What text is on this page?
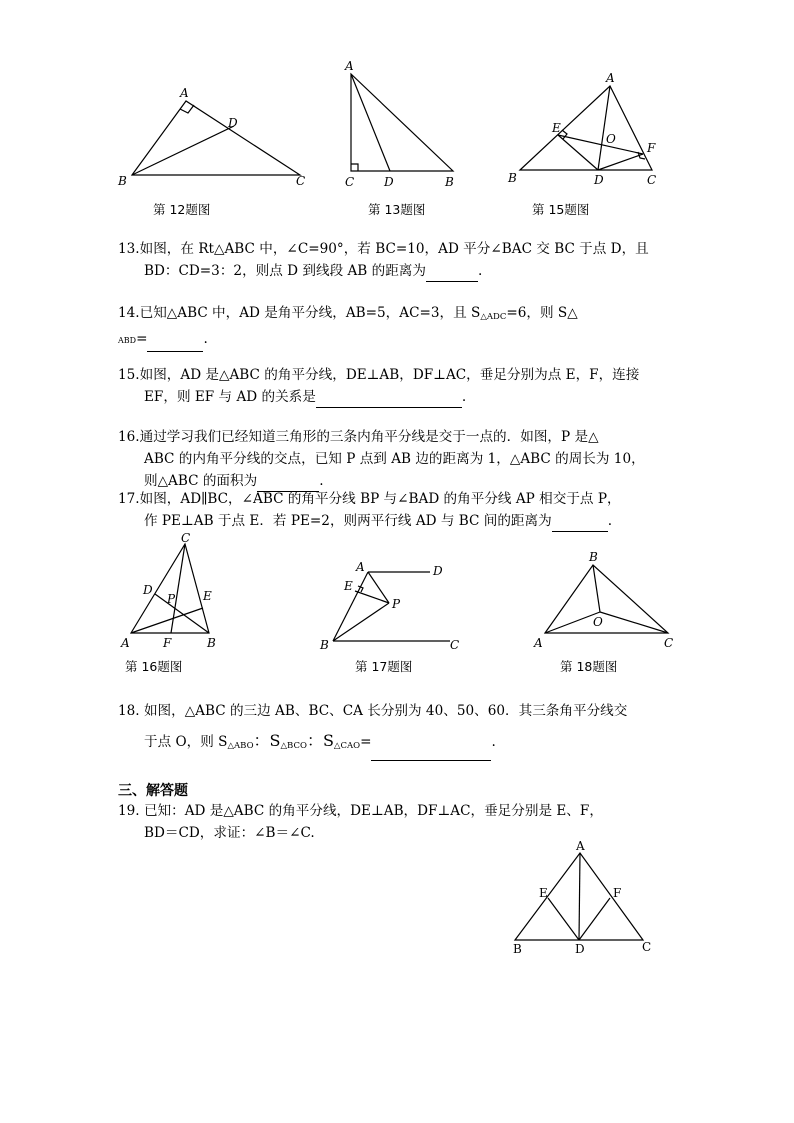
A
D
B	C
第 12题图
A
C D	B
第 13题图
A
E
O
F
B	D	C
第 15题图

13.如图，在 Rt△ABC 中，∠C=90°，若 BC=10，AD 平分∠BAC 交 BC 于点 D，且

BD：CD=3：2，则点 D 到线段 AB 的距离为	.

14.已知△ABC 中，AD 是角平分线，AB=5，AC=3，且 $S_{\triangle ADC}=6$，则 S△

ABD=	.

15.如图，AD 是△ABC 的角平分线，DE⊥AB，DF⊥AC，垂足分别为点 E，F，连接

EF，则 EF 与 AD 的关系是	.

16.通过学习我们已经知道三角形的三条内角平分线是交于一点的．如图，P 是△

ABC 的内角平分线的交点，已知 P 点到 AB 边的距离为 1，△ABC 的周长为 10，

则△ABC 的面积为	.

17.如图，AD∥BC，∠ABC 的角平分线 BP 与∠BAD 的角平分线 AP 相交于点 P，

作 PE⊥AB 于点 E．若 PE=2，则两平行线 AD 与 BC 间的距离为	.

C
D	E
P
A	F	B
第 16题图
A	D
E
P
B	C
第 17题图
B
O
A	C
第 18题图

18. 如图，△ABC 的三边 AB、BC、CA 长分别为 40、50、60．其三条角平分线交

于点 O，则 $S_{\triangle ABO}$：$S_{\triangle BCO}$：$S_{\triangle CAO}=$	.

三、解答题

19. 已知：AD 是△ABC 的角平分线，DE⊥AB，DF⊥AC，垂足分别是 E、F，

BD＝CD，求证：∠B＝∠C.

A
E	F
B	D	C
